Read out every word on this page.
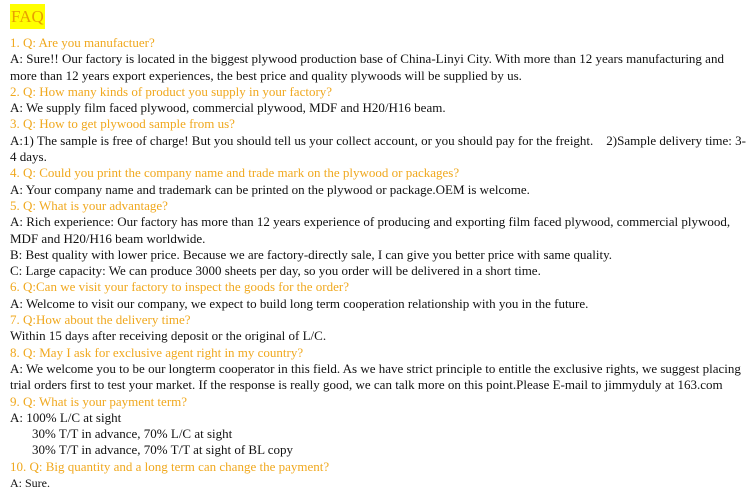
FAQ
1. Q: Are you manufactuer?
A: Sure!! Our factory is located in the biggest plywood production base of China-Linyi City. With more than 12 years manufacturing and more than 12 years export experiences, the best price and quality plywoods will be supplied by us.
2. Q: How many kinds of product you supply in your factory?
A: We supply film faced plywood, commercial plywood, MDF and H20/H16 beam.
3. Q: How to get plywood sample from us?
A:1) The sample is free of charge! But you should tell us your collect account, or you should pay for the freight.    2)Sample delivery time: 3-4 days.
4. Q: Could you print the company name and trade mark on the plywood or packages?
A: Your company name and trademark can be printed on the plywood or package.OEM is welcome.
5. Q: What is your advantage?
A: Rich experience: Our factory has more than 12 years experience of producing and exporting film faced plywood, commercial plywood, MDF and H20/H16 beam worldwide.
B: Best quality with lower price. Because we are factory-directly sale, I can give you better price with same quality.
C: Large capacity: We can produce 3000 sheets per day, so you order will be delivered in a short time.
6. Q:Can we visit your factory to inspect the goods for the order?
A: Welcome to visit our company, we expect to build long term cooperation relationship with you in the future.
7. Q:How about the delivery time?
Within 15 days after receiving deposit or the original of L/C.
8. Q: May I ask for exclusive agent right in my country?
A: We welcome you to be our longterm cooperator in this field. As we have strict principle to entitle the exclusive rights, we suggest placing trial orders first to test your market. If the response is really good, we can talk more on this point.Please E-mail to jimmyduly at 163.com
9. Q: What is your payment term?
A: 100% L/C at sight
30% T/T in advance, 70% L/C at sight
30% T/T in advance, 70% T/T at sight of BL copy
10. Q: Big quantity and a long term can change the payment?
A: Sure.
